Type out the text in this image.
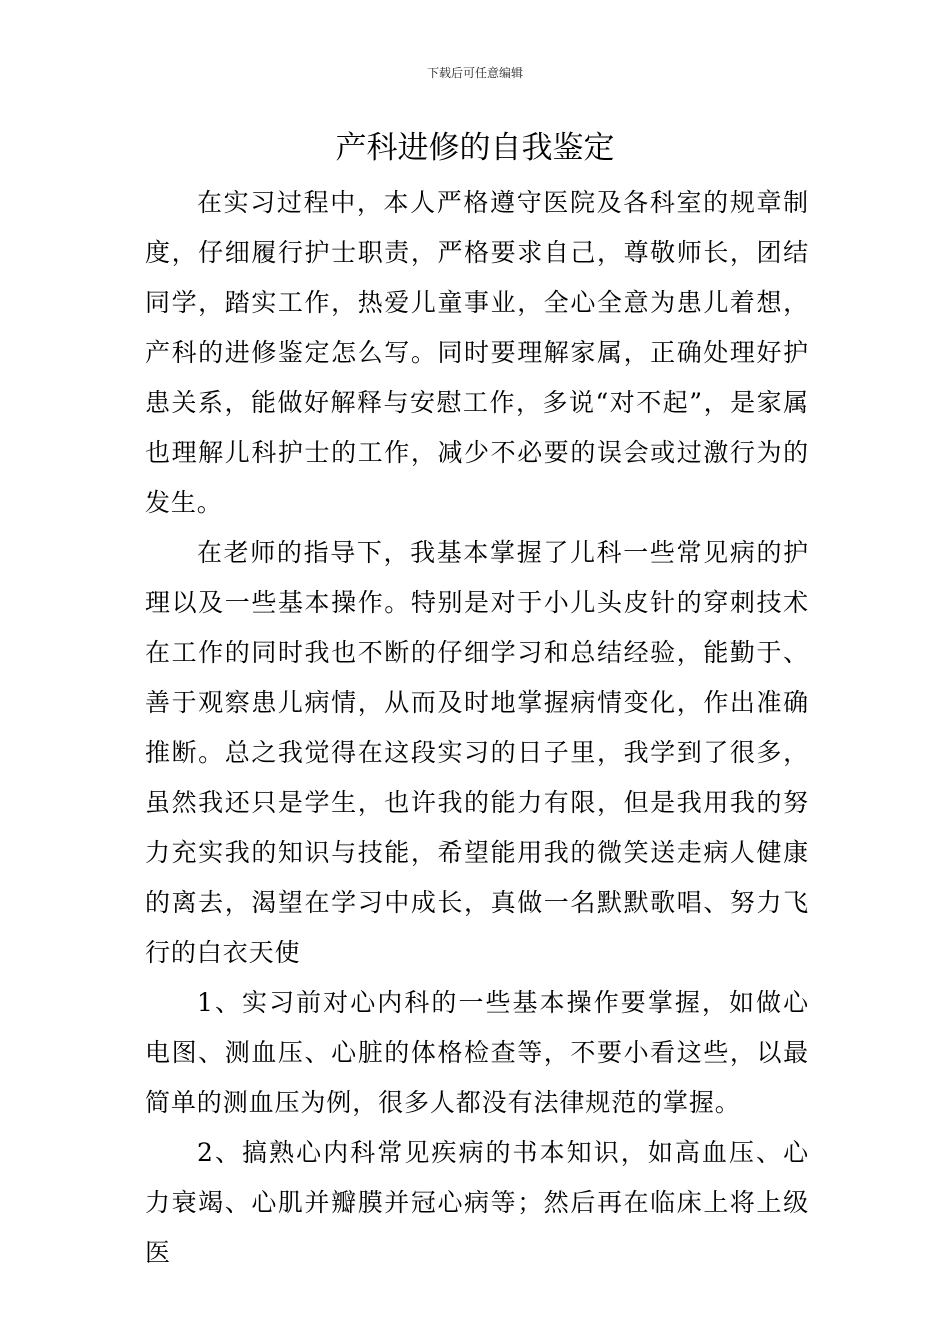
下载后可任意编辑
产科进修的自我鉴定

在实习过程中，本人严格遵守医院及各科室的规章制度，仔细履行护士职责，严格要求自己，尊敬师长，团结同学，踏实工作，热爱儿童事业，全心全意为患儿着想，产科的进修鉴定怎么写。同时要理解家属，正确处理好护患关系，能做好解释与安慰工作，多说“对不起”，是家属也理解儿科护士的工作，减少不必要的误会或过激行为的发生。

在老师的指导下，我基本掌握了儿科一些常见病的护理以及一些基本操作。特别是对于小儿头皮针的穿刺技术在工作的同时我也不断的仔细学习和总结经验，能勤于、善于观察患儿病情，从而及时地掌握病情变化，作出准确推断。总之我觉得在这段实习的日子里，我学到了很多，虽然我还只是学生，也许我的能力有限，但是我用我的努力充实我的知识与技能，希望能用我的微笑送走病人健康的离去，渴望在学习中成长，真做一名默默歌唱、努力飞行的白衣天使

1、实习前对心内科的一些基本操作要掌握，如做心电图、测血压、心脏的体格检查等，不要小看这些，以最简单的测血压为例，很多人都没有法律规范的掌握。

2、搞熟心内科常见疾病的书本知识，如高血压、心力衰竭、心肌并瓣膜并冠心病等；然后再在临床上将上级医
